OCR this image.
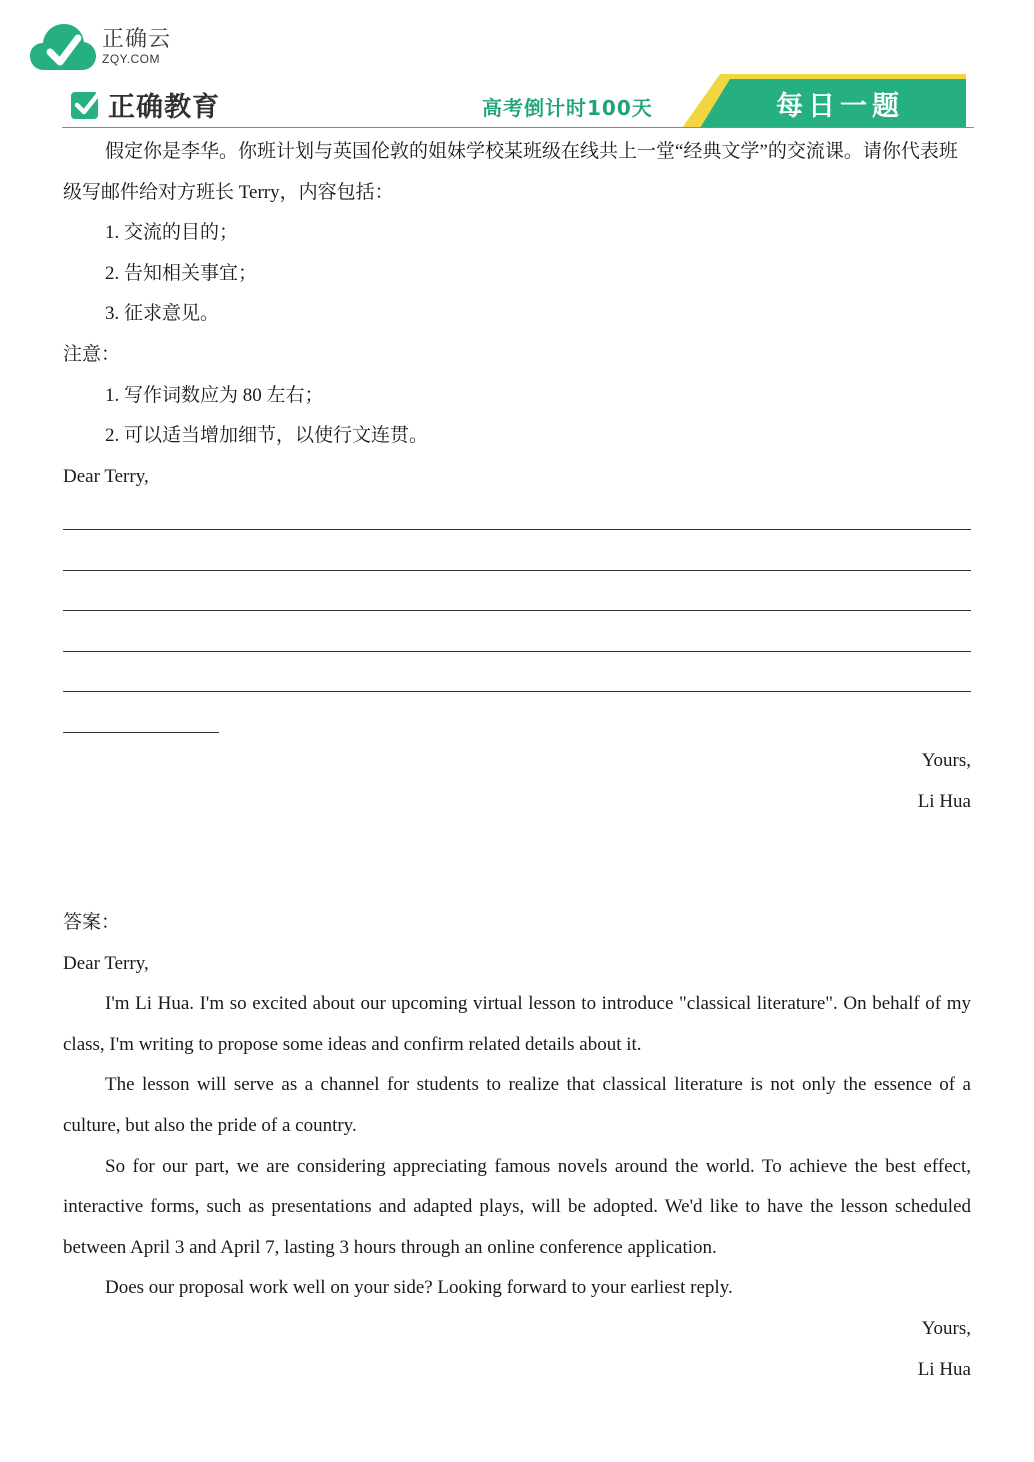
正确云
ZQY.COM
正确教育	高考倒计时100天	每日一题

假定你是李华。你班计划与英国伦敦的姐妹学校某班级在线共上一堂“经典文学”的交流课。请你代表班级写邮件给对方班长 Terry，内容包括：

1. 交流的目的；

2. 告知相关事宜；

3. 征求意见。

注意：

1. 写作词数应为 80 左右；

2. 可以适当增加细节，以使行文连贯。

Dear Terry,

Yours,

Li Hua

答案：

Dear Terry,

I'm Li Hua. I'm so excited about our upcoming virtual lesson to introduce "classical literature". On behalf of my class, I'm writing to propose some ideas and confirm related details about it.

The lesson will serve as a channel for students to realize that classical literature is not only the essence of a culture, but also the pride of a country.

So for our part, we are considering appreciating famous novels around the world. To achieve the best effect, interactive forms, such as presentations and adapted plays, will be adopted. We'd like to have the lesson scheduled between April 3 and April 7, lasting 3 hours through an online conference application.

Does our proposal work well on your side? Looking forward to your earliest reply.

Yours,

Li Hua
